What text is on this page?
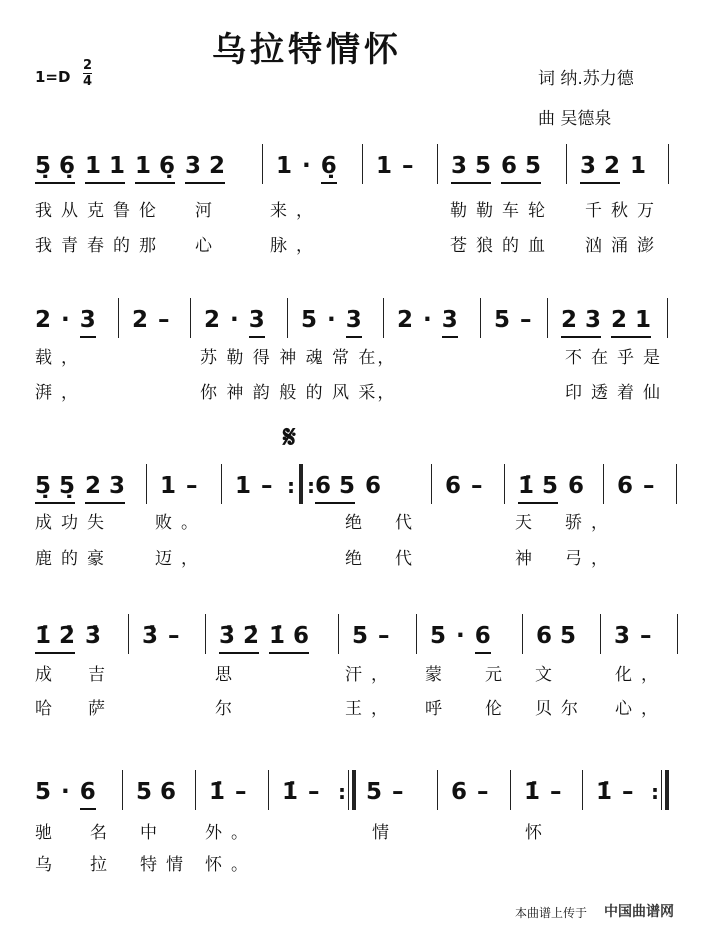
乌拉特情怀
1=D
2
4	词 纳.苏力德
曲 吴德泉
𝄋
5̣ 6̣ 1 1 1 6̣ 3 2 1 · 6̣ 1 – 3 5 6 5 3 2 1
我从克鲁伦 河	来，	勒勒车轮 千秋万
我青春的那 心	脉，	苍狼的血 汹涌澎
2 · 3 2 – 2 · 3 5 · 3 2 · 3 5 – 2 3 2 1
载，	苏 勒 得 神 魂 常 在，	不在乎是
湃，	你 神 韵 般 的 风 采，	印透着仙
5̣ 5̣ 2 3 1 – 1 – : : 6 5 6	6 – 1̇ 5 6 6 –
成功失 败。	绝 代	天 骄，
鹿的豪 迈，	绝 代	神 弓，
1̇ 2̇ 3̇ 3̇ – 3̇ 2̇ 1̇ 6 5 – 5 · 6 6 5 3 –
成 吉	思	汗， 蒙 元 文	化，
哈 萨	尔	王， 呼 伦 贝尔 心，
5 · 6 5 6 1̇ – 1̇ – : 5 – 6 – 1̇ – 1̇ – :
驰 名 中 外。	情	怀
乌 拉 特情 怀。
本曲谱上传于 中国曲谱网
